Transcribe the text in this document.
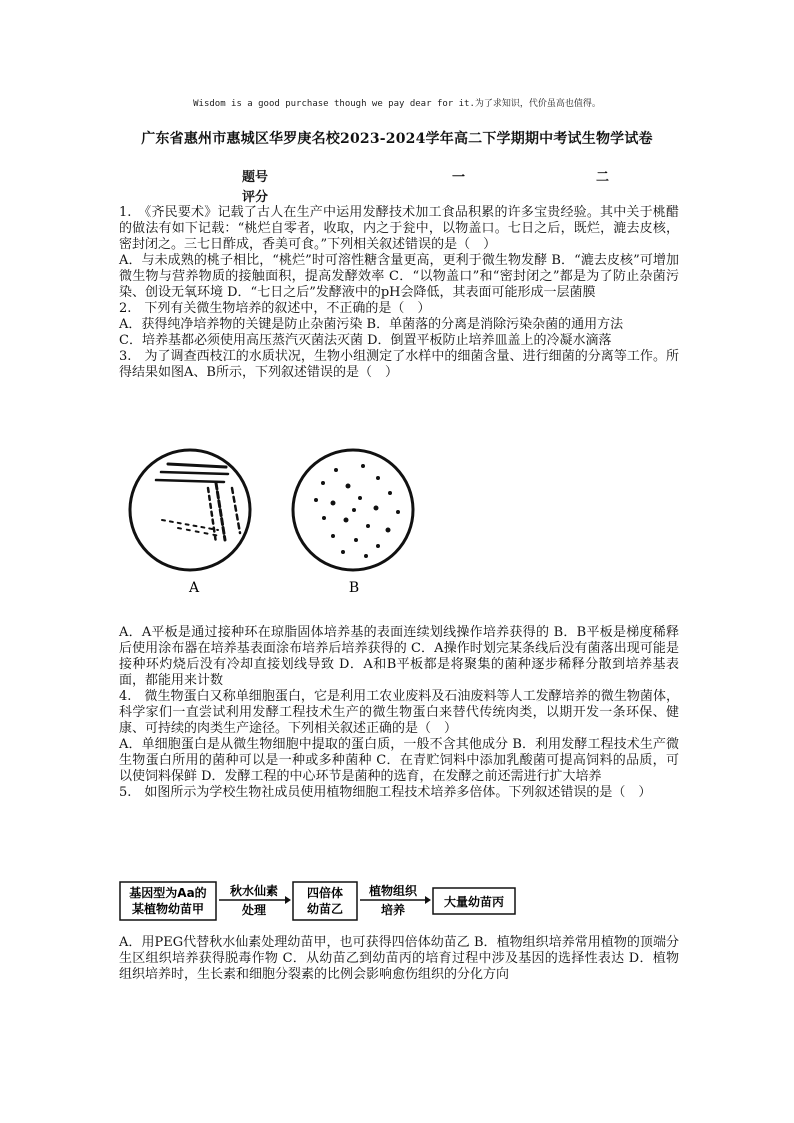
Wisdom is a good purchase though we pay dear for it.为了求知识，代价虽高也值得。
广东省惠州市惠城区华罗庚名校2023-2024学年高二下学期期中考试生物学试卷
题号	一	二
评分

1.　《齐民要术》记载了古人在生产中运用发酵技术加工食品积累的许多宝贵经验。其中关于桃醋的做法有如下记载：“桃烂自零者，收取，内之于瓮中，以物盖口。七日之后，既烂，漉去皮核，密封闭之。三七日酢成，香美可食。”下列相关叙述错误的是（　）

A．与未成熟的桃子相比，“桃烂”时可溶性糖含量更高，更利于微生物发酵 B．“漉去皮核”可增加微生物与营养物质的接触面积，提高发酵效率 C．“以物盖口”和“密封闭之”都是为了防止杂菌污染、创设无氧环境 D．“七日之后”发酵液中的pH会降低，其表面可能形成一层菌膜

2.　下列有关微生物培养的叙述中，不正确的是（　）

A．获得纯净培养物的关键是防止杂菌污染 B．单菌落的分离是消除污染杂菌的通用方法

C．培养基都必须使用高压蒸汽灭菌法灭菌 D．倒置平板防止培养皿盖上的冷凝水滴落

3.　为了调查西枝江的水质状况，生物小组测定了水样中的细菌含量、进行细菌的分离等工作。所得结果如图A、B所示，下列叙述错误的是（　）

A	B

A．A平板是通过接种环在琼脂固体培养基的表面连续划线操作培养获得的 B．B平板是梯度稀释后使用涂布器在培养基表面涂布培养后培养获得的 C．A操作时划完某条线后没有菌落出现可能是接种环灼烧后没有冷却直接划线导致 D．A和B平板都是将聚集的菌种逐步稀释分散到培养基表面，都能用来计数

4.　微生物蛋白又称单细胞蛋白，它是利用工农业废料及石油废料等人工发酵培养的微生物菌体，科学家们一直尝试利用发酵工程技术生产的微生物蛋白来替代传统肉类，以期开发一条环保、健康、可持续的肉类生产途径。下列相关叙述正确的是（　）

A．单细胞蛋白是从微生物细胞中提取的蛋白质，一般不含其他成分 B．利用发酵工程技术生产微生物蛋白所用的菌种可以是一种或多种菌种 C．在青贮饲料中添加乳酸菌可提高饲料的品质，可以使饲料保鲜 D．发酵工程的中心环节是菌种的选育，在发酵之前还需进行扩大培养

5.　如图所示为学校生物社成员使用植物细胞工程技术培养多倍体。下列叙述错误的是（　）

基因型为Aa的
某植物幼苗甲
秋水仙素
处理
四倍体
幼苗乙
植物组织
培养
大量幼苗丙

A．用PEG代替秋水仙素处理幼苗甲，也可获得四倍体幼苗乙 B．植物组织培养常用植物的顶端分生区组织培养获得脱毒作物 C．从幼苗乙到幼苗丙的培育过程中涉及基因的选择性表达 D．植物组织培养时，生长素和细胞分裂素的比例会影响愈伤组织的分化方向
